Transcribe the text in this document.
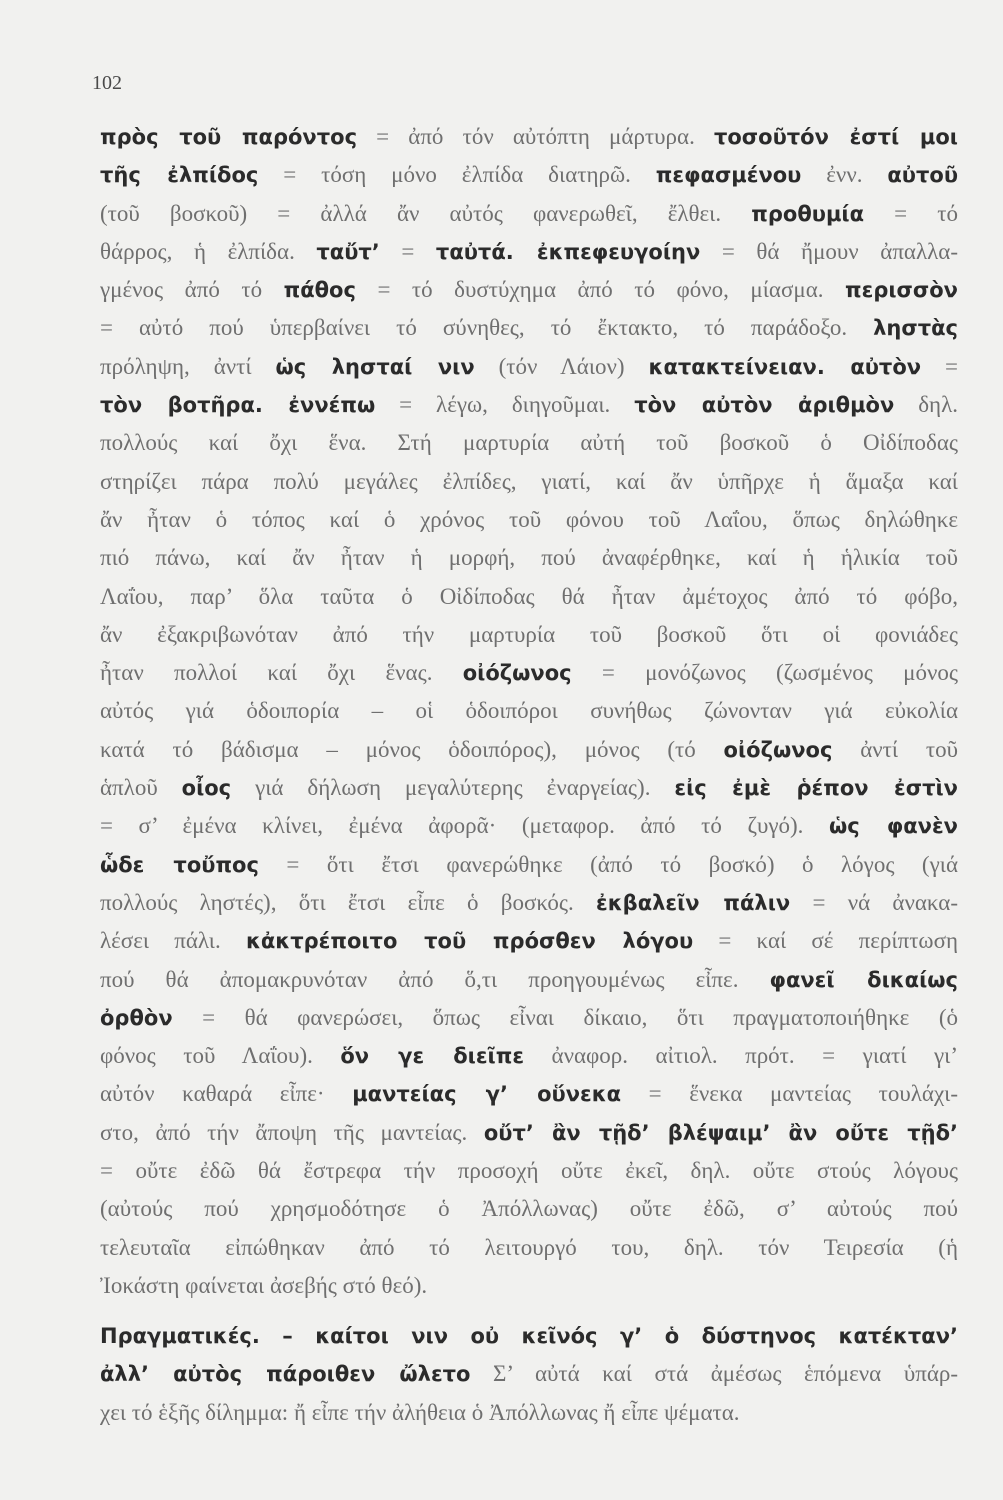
102
πρὸς τοῦ παρόντος = ἀπό τόν αὐτόπτη μάρτυρα. τοσοῦτόν ἐστί μοι
τῆς ἐλπίδος = τόση μόνο ἐλπίδα διατηρῶ. πεφασμένου ἐνν. αὐτοῦ
(τοῦ βοσκοῦ) = ἀλλά ἄν αὐτός φανερωθεῖ, ἔλθει. προθυμία = τό
θάρρος, ἡ ἐλπίδα. ταὔτ’ = ταὐτά. ἐκπεφευγοίην = θά ἤμουν ἀπαλλα-
γμένος ἀπό τό πάθος = τό δυστύχημα ἀπό τό φόνο, μίασμα. περισσὸν
= αὐτό πού ὑπερβαίνει τό σύνηθες, τό ἔκτακτο, τό παράδοξο. ληστὰς
πρόληψη, ἀντί ὡς λησταί νιν (τόν Λάιον) κατακτείνειαν. αὐτὸν =
τὸν βοτῆρα. ἐννέπω = λέγω, διηγοῦμαι. τὸν αὐτὸν ἀριθμὸν δηλ.
πολλούς καί ὄχι ἕνα. Στή μαρτυρία αὐτή τοῦ βοσκοῦ ὁ Οἰδίποδας
στηρίζει πάρα πολύ μεγάλες ἐλπίδες, γιατί, καί ἄν ὑπῆρχε ἡ ἅμαξα καί
ἄν ἦταν ὁ τόπος καί ὁ χρόνος τοῦ φόνου τοῦ Λαΐου, ὅπως δηλώθηκε
πιό πάνω, καί ἄν ἦταν ἡ μορφή, πού ἀναφέρθηκε, καί ἡ ἡλικία τοῦ
Λαΐου, παρ’ ὅλα ταῦτα ὁ Οἰδίποδας θά ἦταν ἀμέτοχος ἀπό τό φόβο,
ἄν ἐξακριβωνόταν ἀπό τήν μαρτυρία τοῦ βοσκοῦ ὅτι οἱ φονιάδες
ἦταν πολλοί καί ὄχι ἕνας. οἰόζωνος = μονόζωνος (ζωσμένος μόνος
αὐτός γιά ὁδοιπορία – οἱ ὁδοιπόροι συνήθως ζώνονταν γιά εὐκολία
κατά τό βάδισμα – μόνος ὁδοιπόρος), μόνος (τό οἰόζωνος ἀντί τοῦ
ἁπλοῦ οἶος γιά δήλωση μεγαλύτερης ἐναργείας). εἰς ἐμὲ ῥέπον ἐστὶν
= σ’ ἐμένα κλίνει, ἐμένα ἀφορᾶ· (μεταφορ. ἀπό τό ζυγό). ὡς φανὲν
ὧδε τοὔπος = ὅτι ἔτσι φανερώθηκε (ἀπό τό βοσκό) ὁ λόγος (γιά
πολλούς ληστές), ὅτι ἔτσι εἶπε ὁ βοσκός. ἐκβαλεῖν πάλιν = νά ἀνακα-
λέσει πάλι. κἀκτρέποιτο τοῦ πρόσθεν λόγου = καί σέ περίπτωση
πού θά ἀπομακρυνόταν ἀπό ὅ,τι προηγουμένως εἶπε. φανεῖ δικαίως
ὀρθὸν = θά φανερώσει, ὅπως εἶναι δίκαιο, ὅτι πραγματοποιήθηκε (ὁ
φόνος τοῦ Λαΐου). ὅν γε διεῖπε ἀναφορ. αἰτιολ. πρότ. = γιατί γι’
αὐτόν καθαρά εἶπε· μαντείας γ’ οὕνεκα = ἕνεκα μαντείας τουλάχι-
στο, ἀπό τήν ἄποψη τῆς μαντείας. οὔτ’ ἂν τῇδ’ βλέψαιμ’ ἂν οὔτε τῇδ’
= οὔτε ἐδῶ θά ἔστρεφα τήν προσοχή οὔτε ἐκεῖ, δηλ. οὔτε στούς λόγους
(αὐτούς πού χρησμοδότησε ὁ Ἀπόλλωνας) οὔτε ἐδῶ, σ’ αὐτούς πού
τελευταῖα εἰπώθηκαν ἀπό τό λειτουργό του, δηλ. τόν Τειρεσία (ἡ
Ἰοκάστη φαίνεται ἀσεβής στό θεό).
Πραγματικές. – καίτοι νιν οὐ κεῖνός γ’ ὁ δύστηνος κατέκταν’
ἀλλ’ αὐτὸς πάροιθεν ὤλετο Σ’ αὐτά καί στά ἀμέσως ἑπόμενα ὑπάρ-
χει τό ἑξῆς δίλημμα: ἤ εἶπε τήν ἀλήθεια ὁ Ἀπόλλωνας ἤ εἶπε ψέματα.
